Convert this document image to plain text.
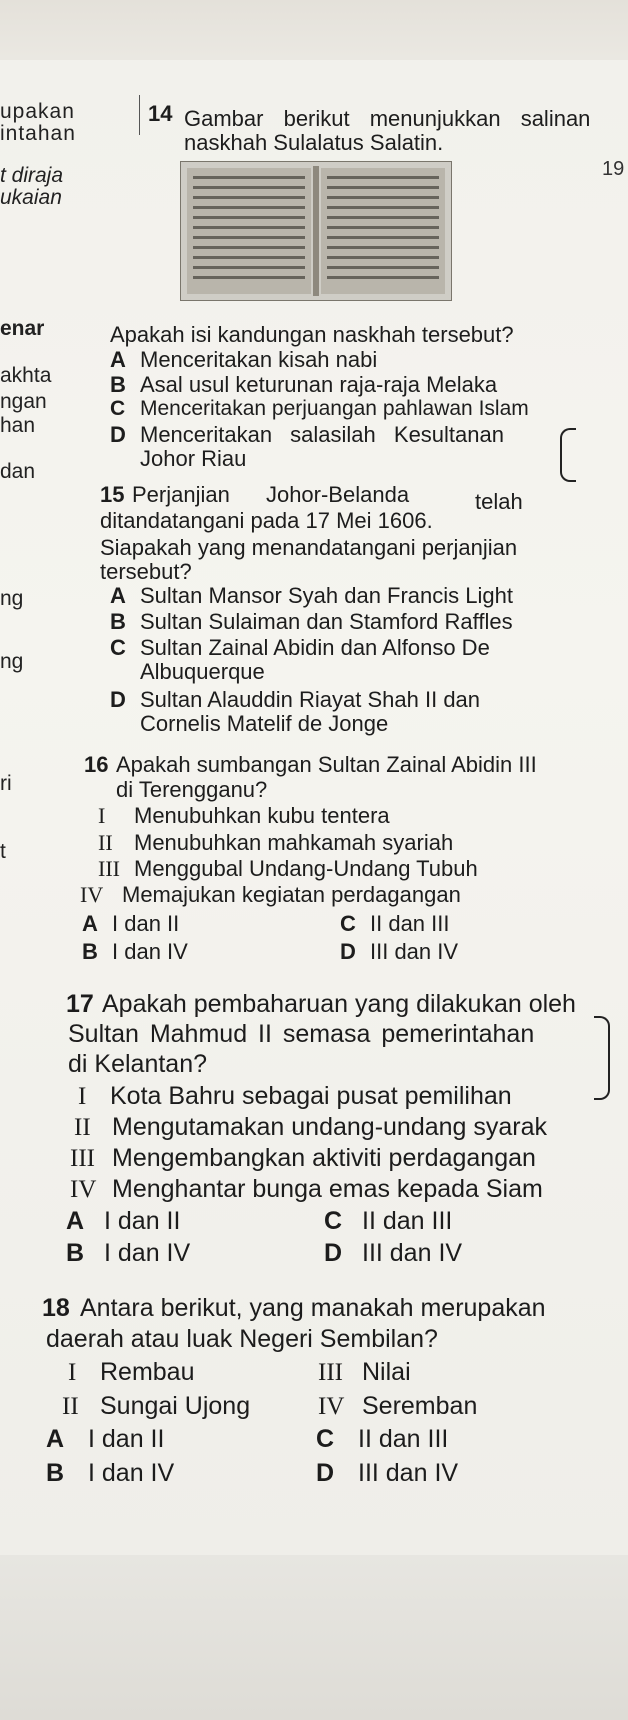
upakan
intahan
t diraja
ukaian
enar
akhta
ngan
han
dan
ng
ng
ri
t
19
14 Gambar berikut menunjukkan salinan
naskhah Sulalatus Salatin.
Apakah isi kandungan naskhah tersebut?
A Menceritakan kisah nabi
B Asal usul keturunan raja-raja Melaka
C Menceritakan perjuangan pahlawan Islam
D Menceritakan salasilah Kesultanan
Johor Riau
15 Perjanjian Johor-Belanda	telah
ditandatangani pada 17 Mei 1606.
Siapakah yang menandatangani perjanjian
tersebut?
A Sultan Mansor Syah dan Francis Light
B Sultan Sulaiman dan Stamford Raffles
C Sultan Zainal Abidin dan Alfonso De
Albuquerque
D Sultan Alauddin Riayat Shah II dan
Cornelis Matelif de Jonge
16 Apakah sumbangan Sultan Zainal Abidin III
di Terengganu?
I Menubuhkan kubu tentera
II Menubuhkan mahkamah syariah
III Menggubal Undang-Undang Tubuh
IV Memajukan kegiatan perdagangan
A I dan II	C II dan III
B I dan IV	D III dan IV
17 Apakah pembaharuan yang dilakukan oleh
Sultan Mahmud II semasa pemerintahan
di Kelantan?
I Kota Bahru sebagai pusat pemilihan
II Mengutamakan undang-undang syarak
III Mengembangkan aktiviti perdagangan
IV Menghantar bunga emas kepada Siam
A I dan II	C II dan III
B I dan IV	D III dan IV
18 Antara berikut, yang manakah merupakan
daerah atau luak Negeri Sembilan?
I Rembau	III Nilai
II Sungai Ujong	IV Seremban
A I dan II	C II dan III
B I dan IV	D III dan IV
